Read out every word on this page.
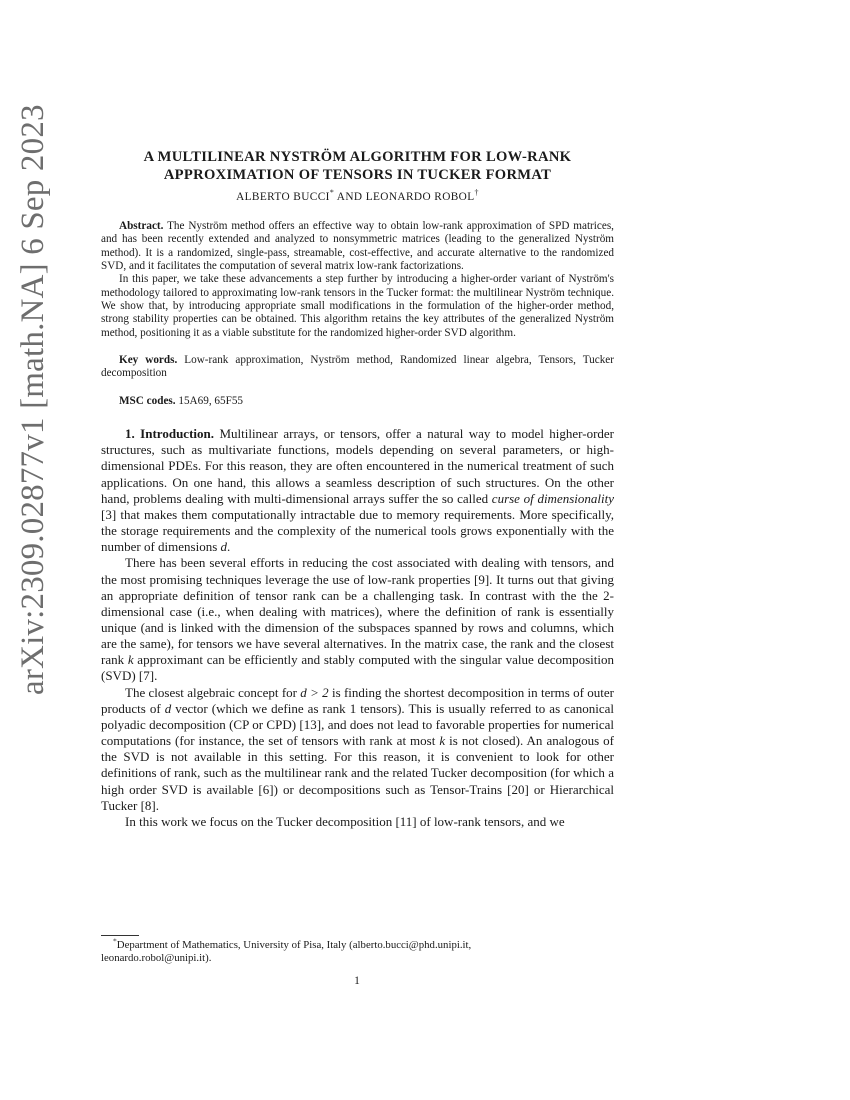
arXiv:2309.02877v1 [math.NA] 6 Sep 2023	A MULTILINEAR NYSTRÖM ALGORITHM FOR LOW-RANK
APPROXIMATION OF TENSORS IN TUCKER FORMAT
ALBERTO BUCCI* AND LEONARDO ROBOL†

Abstract. The Nyström method offers an effective way to obtain low-rank approximation of SPD matrices, and has been recently extended and analyzed to nonsymmetric matrices (leading to the generalized Nyström method). It is a randomized, single-pass, streamable, cost-effective, and accurate alternative to the randomized SVD, and it facilitates the computation of several matrix low-rank factorizations.

In this paper, we take these advancements a step further by introducing a higher-order variant of Nyström's methodology tailored to approximating low-rank tensors in the Tucker format: the multilinear Nyström technique. We show that, by introducing appropriate small modifications in the formulation of the higher-order method, strong stability properties can be obtained. This algorithm retains the key attributes of the generalized Nyström method, positioning it as a viable substitute for the randomized higher-order SVD algorithm.

Key words. Low-rank approximation, Nyström method, Randomized linear algebra, Tensors, Tucker decomposition
MSC codes. 15A69, 65F55

1. Introduction. Multilinear arrays, or tensors, offer a natural way to model higher-order structures, such as multivariate functions, models depending on several parameters, or high-dimensional PDEs. For this reason, they are often encountered in the numerical treatment of such applications. On one hand, this allows a seamless description of such structures. On the other hand, problems dealing with multi-dimensional arrays suffer the so called curse of dimensionality [3] that makes them computationally intractable due to memory requirements. More specifically, the storage requirements and the complexity of the numerical tools grows exponentially with the number of dimensions d.

There has been several efforts in reducing the cost associated with dealing with tensors, and the most promising techniques leverage the use of low-rank properties [9]. It turns out that giving an appropriate definition of tensor rank can be a challenging task. In contrast with the the 2-dimensional case (i.e., when dealing with matrices), where the definition of rank is essentially unique (and is linked with the dimension of the subspaces spanned by rows and columns, which are the same), for tensors we have several alternatives. In the matrix case, the rank and the closest rank k approximant can be efficiently and stably computed with the singular value decomposition (SVD) [7].

The closest algebraic concept for d > 2 is finding the shortest decomposition in terms of outer products of d vector (which we define as rank 1 tensors). This is usually referred to as canonical polyadic decomposition (CP or CPD) [13], and does not lead to favorable properties for numerical computations (for instance, the set of tensors with rank at most k is not closed). An analogous of the SVD is not available in this setting. For this reason, it is convenient to look for other definitions of rank, such as the multilinear rank and the related Tucker decomposition (for which a high order SVD is available [6]) or decompositions such as Tensor-Trains [20] or Hierarchical Tucker [8].

In this work we focus on the Tucker decomposition [11] of low-rank tensors, and we

*Department of Mathematics, University of Pisa, Italy (alberto.bucci@phd.unipi.it,

leonardo.robol@unipi.it).
1
